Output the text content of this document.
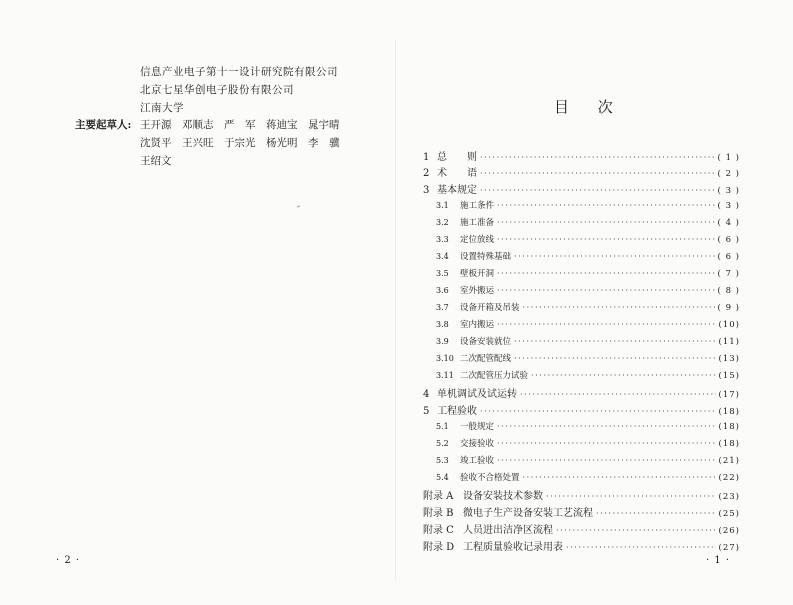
信息产业电子第十一设计研究院有限公司
北京七星华创电子股份有限公司
江南大学
主要起草人: 王开源　邓顺志　严　军　蒋迪宝　晁宇晴
沈贤平　王兴旺　于宗光　杨光明　李　骥
王绍文
· 2 ·
目 次
· 1 ·
1 总　　则 ·····	( 1 )
2 术　　语 ·····	( 2 )
3 基本规定 ·····	( 3 )
3.1	施工条件 ·····	( 3 )
3.2	施工准备 ·····	( 4 )
3.3	定位放线 ·····	( 6 )
3.4	设置特殊基础 ·····	( 6 )
3.5	壁板开洞 ·····	( 7 )
3.6	室外搬运 ·····	( 8 )
3.7	设备开箱及吊装 ·····	( 9 )
3.8	室内搬运 ·····	(10)
3.9	设备安装就位 ·····	(11)
3.10 二次配管配线 ·····	(13)
3.11 二次配管压力试验 ·····	(15)
4 单机调试及试运转 ·····	(17)
5 工程验收 ·····	(18)
5.1	一般规定 ·····	(18)
5.2	交接验收 ·····	(18)
5.3	竣工验收 ·····	(21)
5.4	验收不合格处置 ·····	(22)
附录 A 设备安装技术参数 ·····	(23)
附录 B 微电子生产设备安装工艺流程 ·····	(25)
附录 C 人员进出洁净区流程 ·····	(26)
附录 D 工程质量验收记录用表 ·····	(27)
